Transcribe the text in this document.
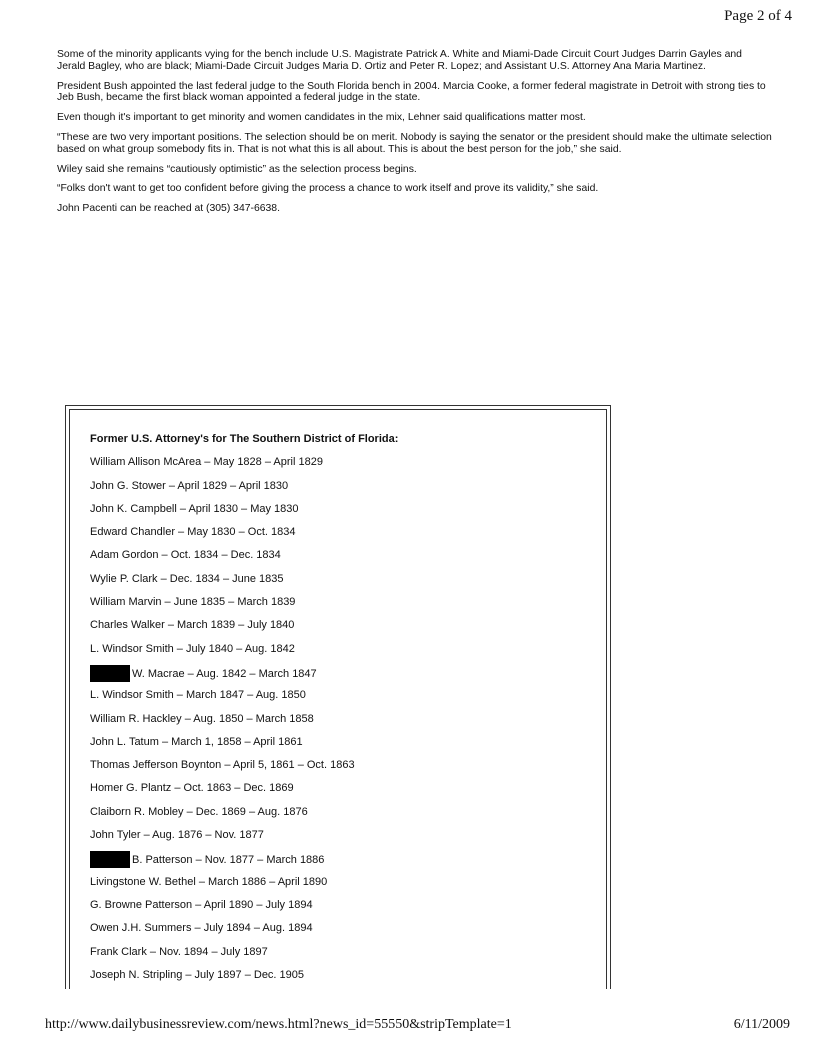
Page 2 of 4

Some of the minority applicants vying for the bench include U.S. Magistrate Patrick A. White and Miami-Dade Circuit Court Judges Darrin Gayles and Jerald Bagley, who are black; Miami-Dade Circuit Judges Maria D. Ortiz and Peter R. Lopez; and Assistant U.S. Attorney Ana Maria Martinez.

President Bush appointed the last federal judge to the South Florida bench in 2004. Marcia Cooke, a former federal magistrate in Detroit with strong ties to Jeb Bush, became the first black woman appointed a federal judge in the state.

Even though it's important to get minority and women candidates in the mix, Lehner said qualifications matter most.

“These are two very important positions. The selection should be on merit. Nobody is saying the senator or the president should make the ultimate selection based on what group somebody fits in. That is not what this is all about. This is about the best person for the job,” she said.

Wiley said she remains “cautiously optimistic” as the selection process begins.

“Folks don't want to get too confident before giving the process a chance to work itself and prove its validity,” she said.

John Pacenti can be reached at (305) 347-6638.

Former U.S. Attorney's for The Southern District of Florida:
William Allison McArea – May 1828 – April 1829
John G. Stower – April 1829 – April 1830
John K. Campbell – April 1830 – May 1830
Edward Chandler – May 1830 – Oct. 1834
Adam Gordon – Oct. 1834 – Dec. 1834
Wylie P. Clark – Dec. 1834 – June 1835
William Marvin – June 1835 – March 1839
Charles Walker – March 1839 – July 1840
L. Windsor Smith – July 1840 – Aug. 1842
W. Macrae – Aug. 1842 – March 1847
L. Windsor Smith – March 1847 – Aug. 1850
William R. Hackley – Aug. 1850 – March 1858
John L. Tatum – March 1, 1858 – April 1861
Thomas Jefferson Boynton – April 5, 1861 – Oct. 1863
Homer G. Plantz – Oct. 1863 – Dec. 1869
Claiborn R. Mobley – Dec. 1869 – Aug. 1876
John Tyler – Aug. 1876 – Nov. 1877
B. Patterson – Nov. 1877 – March 1886
Livingstone W. Bethel – March 1886 – April 1890
G. Browne Patterson – April 1890 – July 1894
Owen J.H. Summers – July 1894 – Aug. 1894
Frank Clark – Nov. 1894 – July 1897
Joseph N. Stripling – July 1897 – Dec. 1905
http://www.dailybusinessreview.com/news.html?news_id=55550&stripTemplate=1	6/11/2009
